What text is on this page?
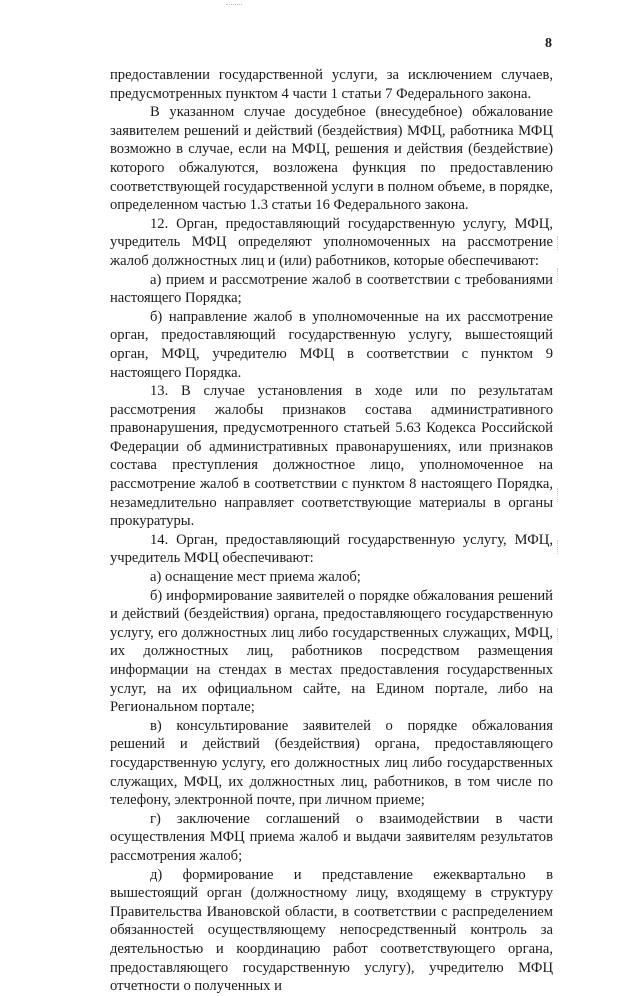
8

предоставлении государственной услуги, за исключением случаев, предусмотренных пунктом 4 части 1 статьи 7 Федерального закона.

В указанном случае досудебное (внесудебное) обжалование заявителем решений и действий (бездействия) МФЦ, работника МФЦ возможно в случае, если на МФЦ, решения и действия (бездействие) которого обжалуются, возложена функция по предоставлению соответствующей государственной услуги в полном объеме, в порядке, определенном частью 1.3 статьи 16 Федерального закона.

12. Орган, предоставляющий государственную услугу, МФЦ, учредитель МФЦ определяют уполномоченных на рассмотрение жалоб должностных лиц и (или) работников, которые обеспечивают:

а) прием и рассмотрение жалоб в соответствии с требованиями настоящего Порядка;

б) направление жалоб в уполномоченные на их рассмотрение орган, предоставляющий государственную услугу, вышестоящий орган, МФЦ, учредителю МФЦ в соответствии с пунктом 9 настоящего Порядка.

13. В случае установления в ходе или по результатам рассмотрения жалобы признаков состава административного правонарушения, предусмотренного статьей 5.63 Кодекса Российской Федерации об административных правонарушениях, или признаков состава преступления должностное лицо, уполномоченное на рассмотрение жалоб в соответствии с пунктом 8 настоящего Порядка, незамедлительно направляет соответствующие материалы в органы прокуратуры.

14. Орган, предоставляющий государственную услугу, МФЦ, учредитель МФЦ обеспечивают:

а) оснащение мест приема жалоб;

б) информирование заявителей о порядке обжалования решений и действий (бездействия) органа, предоставляющего государственную услугу, его должностных лиц либо государственных служащих, МФЦ, их должностных лиц, работников посредством размещения информации на стендах в местах предоставления государственных услуг, на их официальном сайте, на Едином портале, либо на Региональном портале;

в) консультирование заявителей о порядке обжалования решений и действий (бездействия) органа, предоставляющего государственную услугу, его должностных лиц либо государственных служащих, МФЦ, их должностных лиц, работников, в том числе по телефону, электронной почте, при личном приеме;

г) заключение соглашений о взаимодействии в части осуществления МФЦ приема жалоб и выдачи заявителям результатов рассмотрения жалоб;

д) формирование и представление ежеквартально в вышестоящий орган (должностному лицу, входящему в структуру Правительства Ивановской области, в соответствии с распределением обязанностей осуществляющему непосредственный контроль за деятельностью и координацию работ соответствующего органа, предоставляющего государственную услугу), учредителю МФЦ отчетности о полученных и
